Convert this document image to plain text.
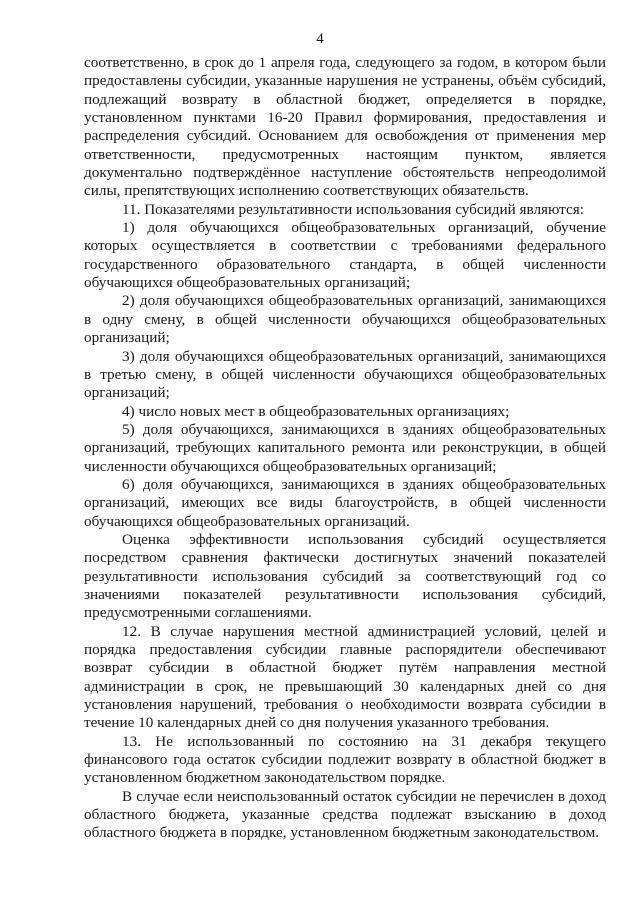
4

соответственно, в срок до 1 апреля года, следующего за годом, в котором были предоставлены субсидии, указанные нарушения не устранены, объём субсидий, подлежащий возврату в областной бюджет, определяется в порядке, установленном пунктами 16-20 Правил формирования, предоставления и распределения субсидий. Основанием для освобождения от применения мер ответственности, предусмотренных настоящим пунктом, является документально подтверждённое наступление обстоятельств непреодолимой силы, препятствующих исполнению соответствующих обязательств.

11. Показателями результативности использования субсидий являются:

1) доля обучающихся общеобразовательных организаций, обучение которых осуществляется в соответствии с требованиями федерального государственного образовательного стандарта, в общей численности обучающихся общеобразовательных организаций;

2) доля обучающихся общеобразовательных организаций, занимающихся в одну смену, в общей численности обучающихся общеобразовательных организаций;

3) доля обучающихся общеобразовательных организаций, занимающихся в третью смену, в общей численности обучающихся общеобразовательных организаций;

4) число новых мест в общеобразовательных организациях;

5) доля обучающихся, занимающихся в зданиях общеобразовательных организаций, требующих капитального ремонта или реконструкции, в общей численности обучающихся общеобразовательных организаций;

6) доля обучающихся, занимающихся в зданиях общеобразовательных организаций, имеющих все виды благоустройств, в общей численности обучающихся общеобразовательных организаций.

Оценка эффективности использования субсидий осуществляется посредством сравнения фактически достигнутых значений показателей результативности использования субсидий за соответствующий год со значениями показателей результативности использования субсидий, предусмотренными соглашениями.

12. В случае нарушения местной администрацией условий, целей и порядка предоставления субсидии главные распорядители обеспечивают возврат субсидии в областной бюджет путём направления местной администрации в срок, не превышающий 30 календарных дней со дня установления нарушений, требования о необходимости возврата субсидии в течение 10 календарных дней со дня получения указанного требования.

13. Не использованный по состоянию на 31 декабря текущего финансового года остаток субсидии подлежит возврату в областной бюджет в установленном бюджетном законодательством порядке.

В случае если неиспользованный остаток субсидии не перечислен в доход областного бюджета, указанные средства подлежат взысканию в доход областного бюджета в порядке, установленном бюджетным законодательством.
